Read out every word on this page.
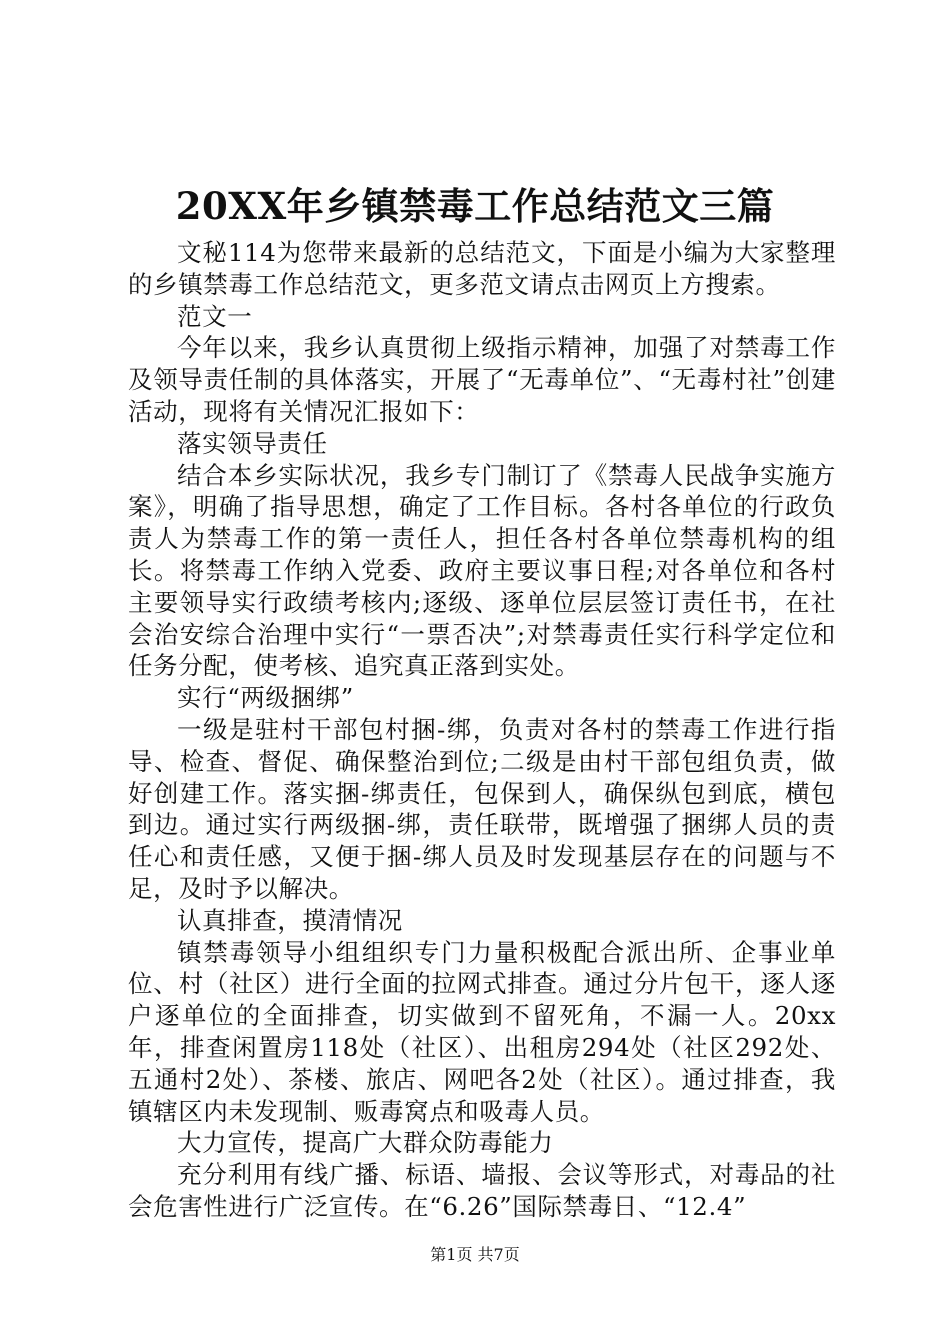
20XX年乡镇禁毒工作总结范文三篇

文秘114为您带来最新的总结范文，下面是小编为大家整理的乡镇禁毒工作总结范文，更多范文请点击网页上方搜索。

范文一

今年以来，我乡认真贯彻上级指示精神，加强了对禁毒工作及领导责任制的具体落实，开展了“无毒单位”、“无毒村社”创建活动，现将有关情况汇报如下：

落实领导责任

结合本乡实际状况，我乡专门制订了《禁毒人民战争实施方案》，明确了指导思想，确定了工作目标。各村各单位的行政负责人为禁毒工作的第一责任人，担任各村各单位禁毒机构的组长。将禁毒工作纳入党委、政府主要议事日程;对各单位和各村主要领导实行政绩考核内;逐级、逐单位层层签订责任书，在社会治安综合治理中实行“一票否决”;对禁毒责任实行科学定位和任务分配，使考核、追究真正落到实处。

实行“两级捆绑”

一级是驻村干部包村捆-绑，负责对各村的禁毒工作进行指导、检查、督促、确保整治到位;二级是由村干部包组负责，做好创建工作。落实捆-绑责任，包保到人，确保纵包到底，横包到边。通过实行两级捆-绑，责任联带，既增强了捆绑人员的责任心和责任感，又便于捆-绑人员及时发现基层存在的问题与不足，及时予以解决。

认真排查，摸清情况

镇禁毒领导小组组织专门力量积极配合派出所、企事业单位、村（社区）进行全面的拉网式排查。通过分片包干，逐人逐户逐单位的全面排查，切实做到不留死角，不漏一人。20xx年，排查闲置房118处（社区）、出租房294处（社区292处、五通村2处）、茶楼、旅店、网吧各2处（社区）。通过排查，我镇辖区内未发现制、贩毒窝点和吸毒人员。

大力宣传，提高广大群众防毒能力

充分利用有线广播、标语、墙报、会议等形式，对毒品的社会危害性进行广泛宣传。在“6.26”国际禁毒日、“12.4”

第1页 共7页
